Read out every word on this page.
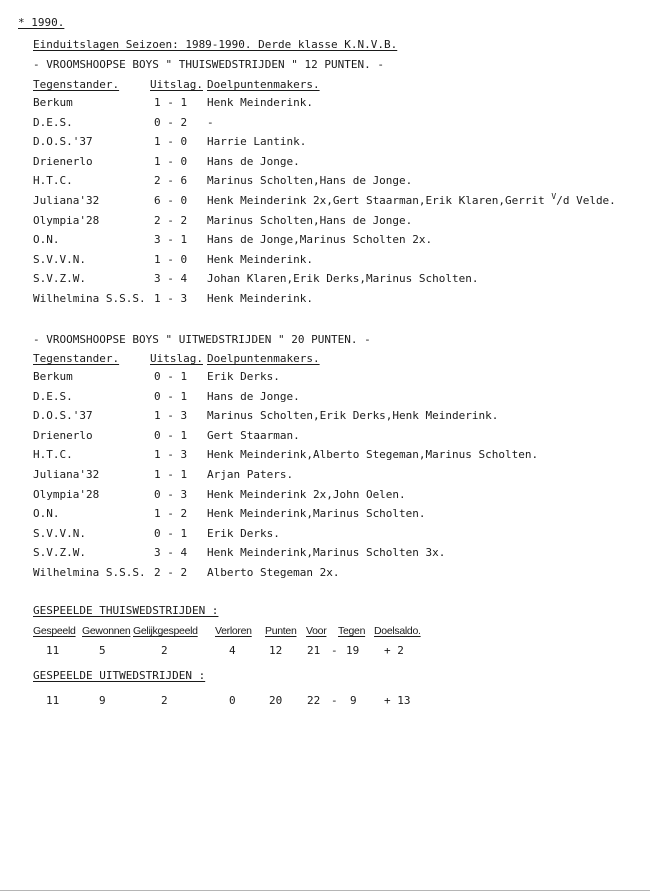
* 1990.
Einduitslagen Seizoen: 1989-1990. Derde klasse K.N.V.B.
- VROOMSHOOPSE BOYS " THUISWEDSTRIJDEN " 12 PUNTEN. -
Tegenstander.	Uitslag. Doelpuntenmakers.
Berkum	1 - 1 Henk Meinderink.
D.E.S.	0 - 2 -
D.O.S.'37	1 - 0 Harrie Lantink.
Drienerlo	1 - 0 Hans de Jonge.
H.T.C.	2 - 6 Marinus Scholten,Hans de Jonge.
Juliana'32	6 - 0 Henk Meinderink 2x,Gert Staarman,Erik Klaren,Gerrit $^V$/d Velde.
Olympia'28	2 - 2 Marinus Scholten,Hans de Jonge.
O.N.	3 - 1 Hans de Jonge,Marinus Scholten 2x.
S.V.V.N.	1 - 0 Henk Meinderink.
S.V.Z.W.	3 - 4 Johan Klaren,Erik Derks,Marinus Scholten.
Wilhelmina S.S.S. 1 - 3 Henk Meinderink.
- VROOMSHOOPSE BOYS " UITWEDSTRIJDEN " 20 PUNTEN. -
Tegenstander.	Uitslag. Doelpuntenmakers.
Berkum	0 - 1 Erik Derks.
D.E.S.	0 - 1 Hans de Jonge.
D.O.S.'37	1 - 3 Marinus Scholten,Erik Derks,Henk Meinderink.
Drienerlo	0 - 1 Gert Staarman.
H.T.C.	1 - 3 Henk Meinderink,Alberto Stegeman,Marinus Scholten.
Juliana'32	1 - 1 Arjan Paters.
Olympia'28	0 - 3 Henk Meinderink 2x,John Oelen.
O.N.	1 - 2 Henk Meinderink,Marinus Scholten.
S.V.V.N.	0 - 1 Erik Derks.
S.V.Z.W.	3 - 4 Henk Meinderink,Marinus Scholten 3x.
Wilhelmina S.S.S. 2 - 2 Alberto Stegeman 2x.
GESPEELDE THUISWEDSTRIJDEN :
Gespeeld Gewonnen Gelijkgespeeld Verloren Punten Voor Tegen Doelsaldo.
11	5	2	4	12 21 - 19 + 2
GESPEELDE UITWEDSTRIJDEN :
11	9	2	0	20 22 - 9 + 13
